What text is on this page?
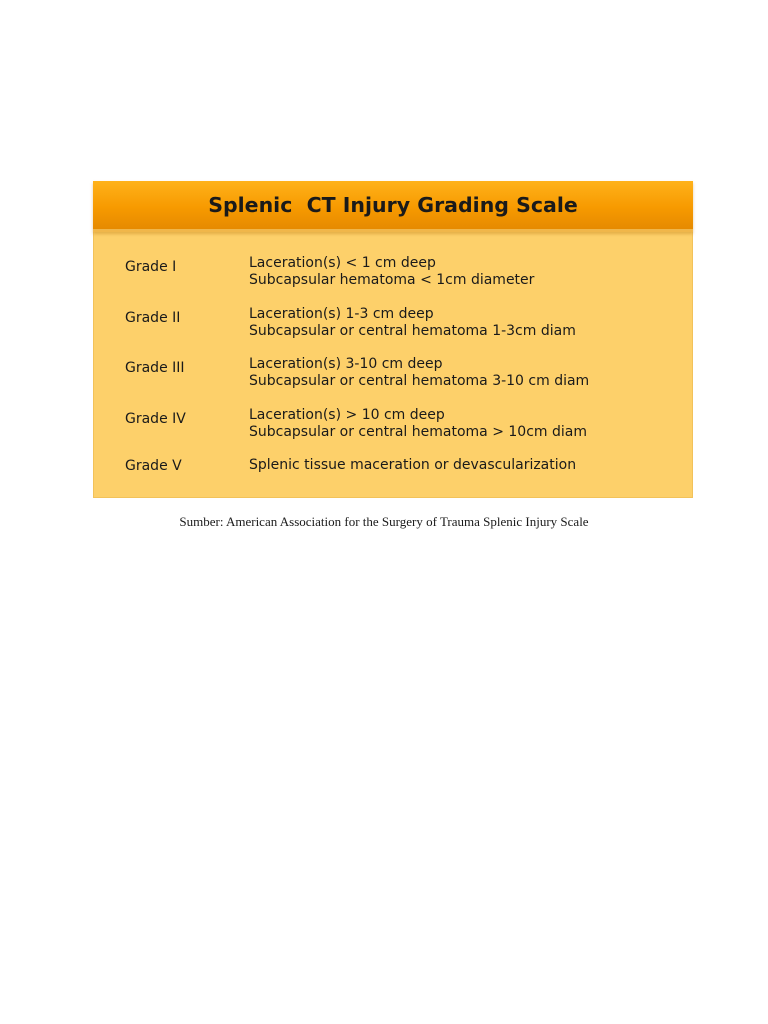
Splenic  CT Injury Grading Scale
Grade I	Laceration(s) < 1 cm deep
Subcapsular hematoma < 1cm diameter
Grade II	Laceration(s) 1-3 cm deep
Subcapsular or central hematoma 1-3cm diam
Grade III	Laceration(s) 3-10 cm deep
Subcapsular or central hematoma 3-10 cm diam
Grade IV	Laceration(s) > 10 cm deep
Subcapsular or central hematoma > 10cm diam
Grade V	Splenic tissue maceration or devascularization
Sumber: American Association for the Surgery of Trauma Splenic Injury Scale
